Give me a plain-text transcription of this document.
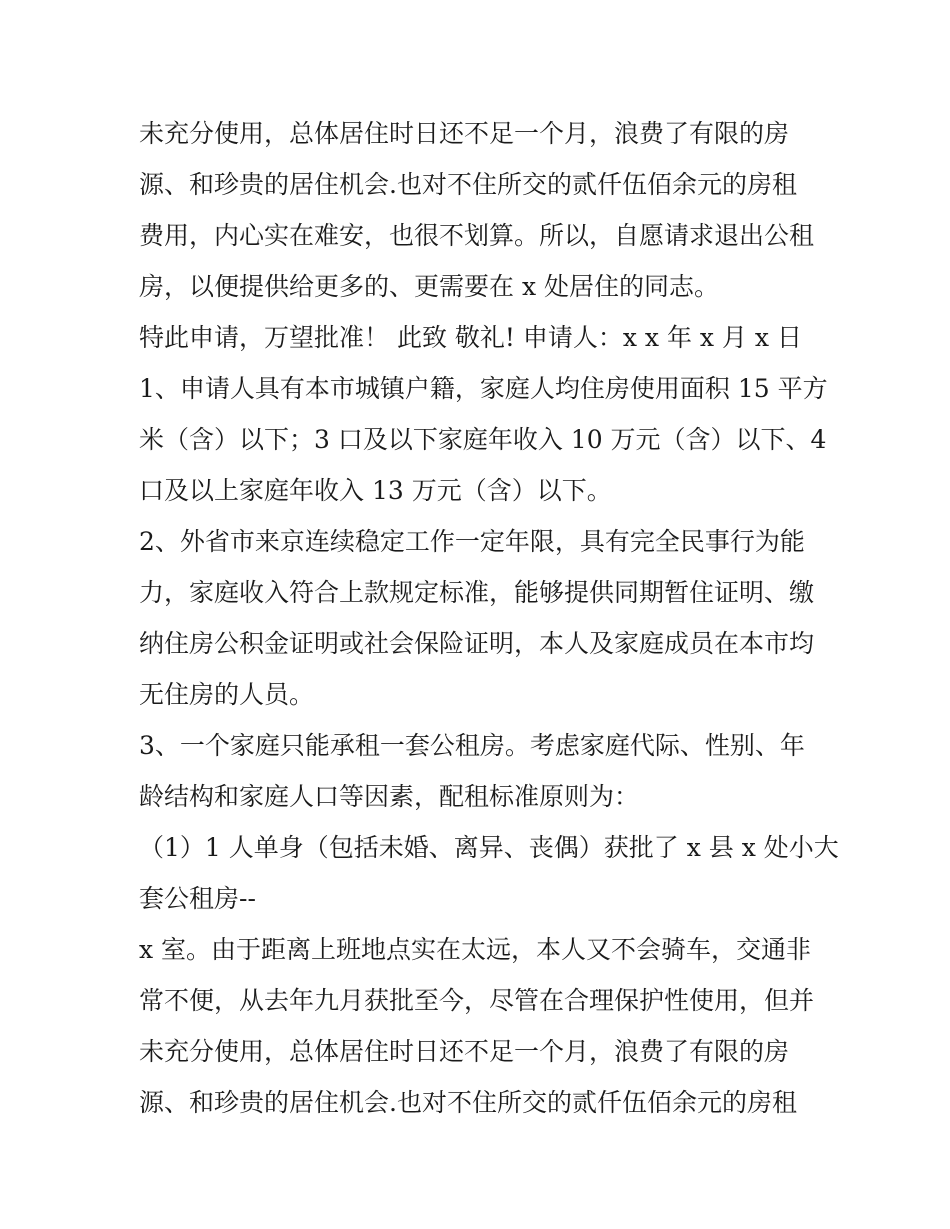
未充分使用，总体居住时日还不足一个月，浪费了有限的房
源、和珍贵的居住机会.也对不住所交的贰仟伍佰余元的房租
费用，内心实在难安，也很不划算。所以，自愿请求退出公租
房，以便提供给更多的、更需要在 x 处居住的同志。
特此申请，万望批准！ 此致 敬礼! 申请人：x x 年 x 月 x 日
1、申请人具有本市城镇户籍，家庭人均住房使用面积 15 平方
米（含）以下；3 口及以下家庭年收入 10 万元（含）以下、4
口及以上家庭年收入 13 万元（含）以下。
2、外省市来京连续稳定工作一定年限，具有完全民事行为能
力，家庭收入符合上款规定标准，能够提供同期暂住证明、缴
纳住房公积金证明或社会保险证明，本人及家庭成员在本市均
无住房的人员。
3、一个家庭只能承租一套公租房。考虑家庭代际、性别、年
龄结构和家庭人口等因素，配租标准原则为：
（1）1 人单身（包括未婚、离异、丧偶）获批了 x 县 x 处小大
套公租房--
x 室。由于距离上班地点实在太远，本人又不会骑车，交通非
常不便，从去年九月获批至今，尽管在合理保护性使用，但并
未充分使用，总体居住时日还不足一个月，浪费了有限的房
源、和珍贵的居住机会.也对不住所交的贰仟伍佰余元的房租
